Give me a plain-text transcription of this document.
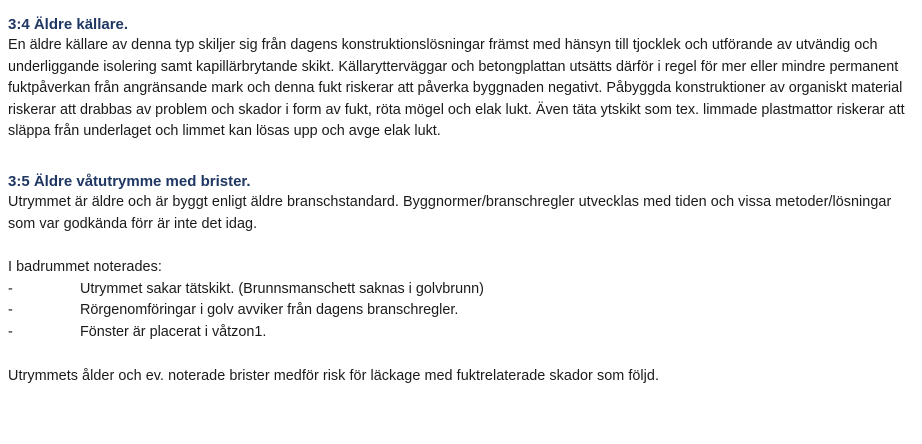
3:4 Äldre källare.

En äldre källare av denna typ skiljer sig från dagens konstruktionslösningar främst med hänsyn till tjocklek och utförande av utvändig och underliggande isolering samt kapillärbrytande skikt. Källarytterväggar och betongplattan utsätts därför i regel för mer eller mindre permanent fuktpåverkan från angränsande mark och denna fukt riskerar att påverka byggnaden negativt. Påbyggda konstruktioner av organiskt material riskerar att drabbas av problem och skador i form av fukt, röta mögel och elak lukt. Även täta ytskikt som tex. limmade plastmattor riskerar att släppa från underlaget och limmet kan lösas upp och avge elak lukt.

3:5 Äldre våtutrymme med brister.

Utrymmet är äldre och är byggt enligt äldre branschstandard. Byggnormer/branschregler utvecklas med tiden och vissa metoder/lösningar som var godkända förr är inte det idag.

I badrummet noterades:

-	Utrymmet sakar tätskikt. (Brunnsmanschett saknas i golvbrunn)
-	Rörgenomföringar i golv avviker från dagens branschregler.
-	Fönster är placerat i våtzon1.

Utrymmets ålder och ev. noterade brister medför risk för läckage med fuktrelaterade skador som följd.
